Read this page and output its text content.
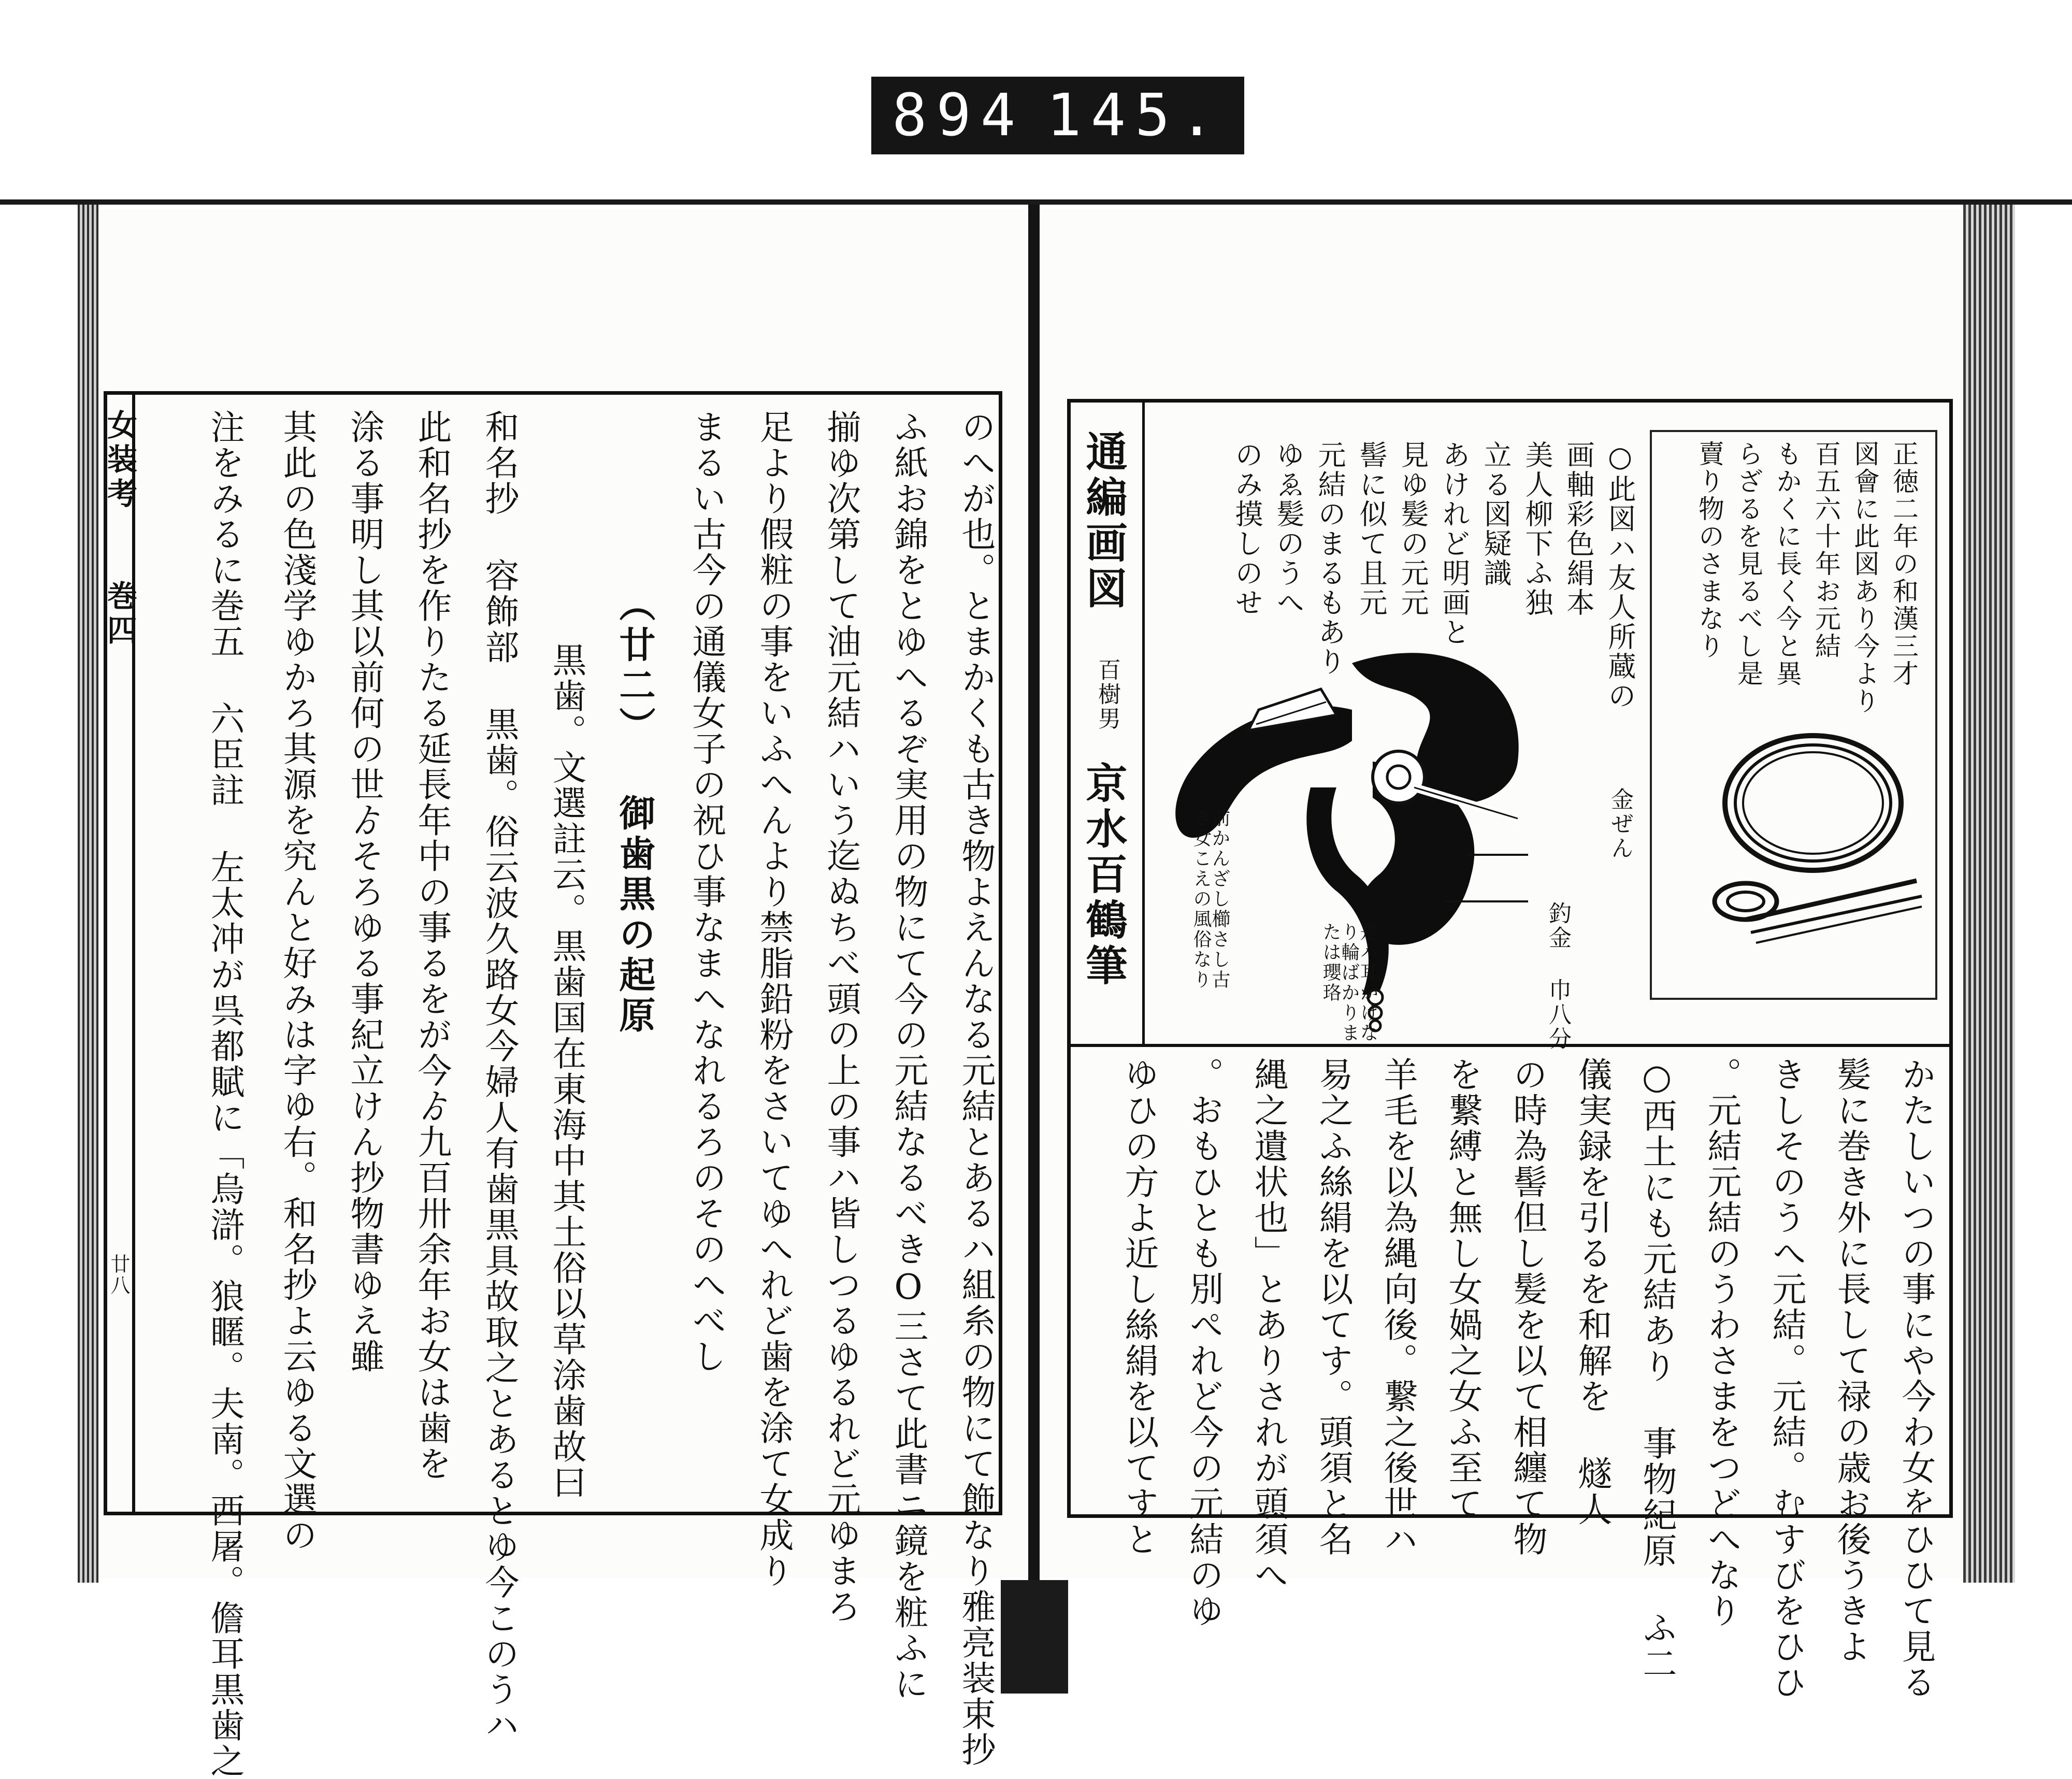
894 145.
女装考
巻四
廿八	のへが也。とまかくも古き物よえんなる元結とあるハ組糸の物にて飾なり雅亮装束抄
ふ紙お錦をとゆへるぞ実用の物にて今の元結なるべきO三さて此書ニ鏡を粧ふに
揃ゆ次第して油元結ハいう迄ぬちべ頭の上の事ハ皆しつるゆるれど元ゆまろ
足より假粧の事をいふへんより禁脂鉛粉をさいてゆへれど歯を涂て女成り
まるい古今の通儀女子の祝ひ事なまへなれるろのそのへべし
（廿二） 御歯黒の起原
黒歯。文選註云。黒歯国在東海中其土俗以草涂歯故曰
和名抄 容飾部 黒歯。俗云波久路女今婦人有歯黒具故取之とあるとゆ今このうハ
此和名抄を作りたる延長年中の事るをが今ゟ九百卅余年お女は歯を
涂る事明し其以前何の世ゟそろゆる事紀立けん抄物書ゆえ雖
其此の色淺学ゆかろ其源を究んと好みは字ゆ右。和名抄よ云ゆる文選の
注をみるに巻五 六臣註 左太冲が呉都賦に「烏滸。狼䁥。夫南。西屠。儋耳黒歯之	通編画図
百樹男
京水百鶴筆
正徳二年の和漢三才
図會に此図あり今より
百五六十年お元結
もかくに長く今と異
らざるを見るべし是
賣り物のさまなり
○此図ハ友人所蔵の
画軸彩色絹本
美人柳下ふ独
立る図疑識
あけれど明画と
見ゆ髪の元元
髻に似て且元
元結のまるもあり
ゆゑ髪のうへ
のみ摸しのせ
金ぜん
釣金 巾八分
是ハ耳かけなり輪ばかりまたは瓔珞
前かんざし櫛さし古き女こえの風俗なり
かたしいつの事にや今わ女をひひて見る
髪に巻き外に長して禄の歳お後うきよ
きしそのうへ元結。元結。むすびをひひ
。元結元結のうわさまをつどへなり
○西土にも元結あり 事物紀原 ふ二
儀実録を引るを和解を 燧人
の時為髻但し髪を以て相纏て物
を繋縛と無し女媧之女ふ至て
羊毛を以為縄向後。繋之後世ハ
易之ふ絲絹を以てす。頭須と名
縄之遺状也」とありされが頭須へ
。おもひとも別ぺれど今の元結のゆ
ゆひの方よ近し絲絹を以てすと
